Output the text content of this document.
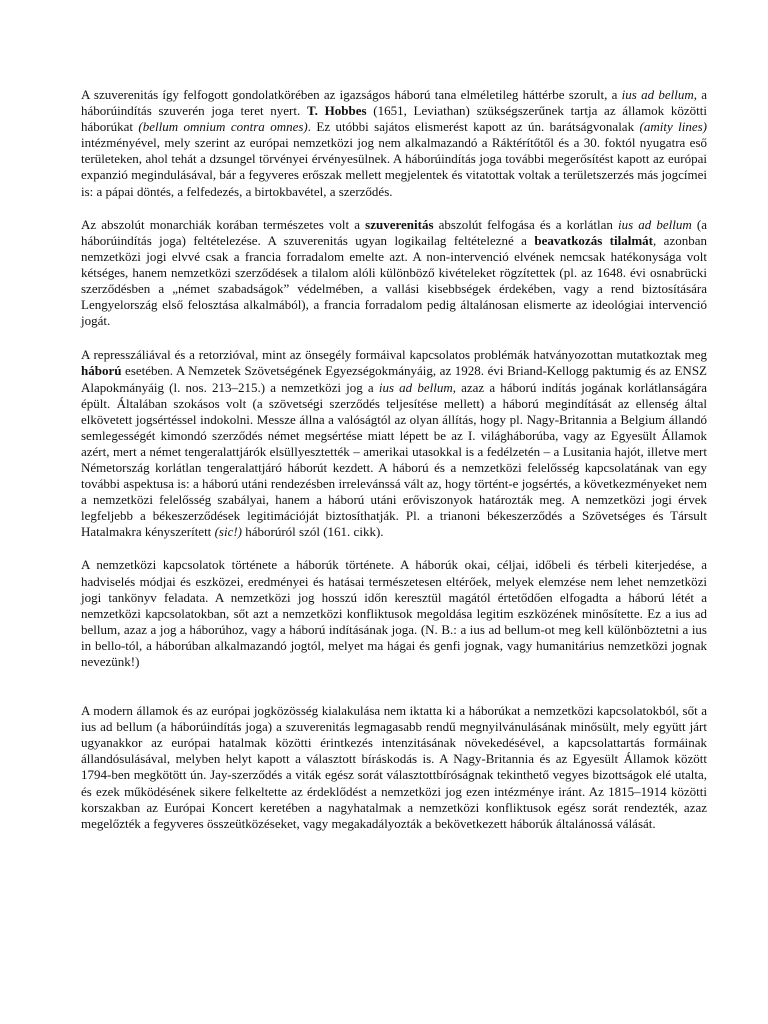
A szuverenitás így felfogott gondolatkörében az igazságos háború tana elméletileg háttérbe szorult, a ius ad bellum, a háborúindítás szuverén joga teret nyert. T. Hobbes (1651, Leviathan) szükségszerűnek tartja az államok közötti háborúkat (bellum omnium contra omnes). Ez utóbbi sajátos elismerést kapott az ún. barátságvonalak (amity lines) intézményével, mely szerint az európai nemzetközi jog nem alkalmazandó a Ráktérítőtől és a 30. foktól nyugatra eső területeken, ahol tehát a dzsungel törvényei érvényesülnek. A háborúindítás joga további megerősítést kapott az európai expanzió megindulásával, bár a fegyveres erőszak mellett megjelentek és vitatottak voltak a területszerzés más jogcímei is: a pápai döntés, a felfedezés, a birtokbavétel, a szerződés.

Az abszolút monarchiák korában természetes volt a szuverenitás abszolút felfogása és a korlátlan ius ad bellum (a háborúindítás joga) feltételezése. A szuverenitás ugyan logikailag feltételezné a beavatkozás tilalmát, azonban nemzetközi jogi elvvé csak a francia forradalom emelte azt. A non-intervenció elvének nemcsak hatékonysága volt kétséges, hanem nemzetközi szerződések a tilalom alóli különböző kivételeket rögzítettek (pl. az 1648. évi osnabrücki szerződésben a „német szabadságok” védelmében, a vallási kisebbségek érdekében, vagy a rend biztosítására Lengyelország első felosztása alkalmából), a francia forradalom pedig általánosan elismerte az ideológiai intervenció jogát.

A represszáliával és a retorzióval, mint az önsegély formáival kapcsolatos problémák hatványozottan mutatkoztak meg háború esetében. A Nemzetek Szövetségének Egyezségokmányáig, az 1928. évi Briand-Kellogg paktumig és az ENSZ Alapokmányáig (l. nos. 213–215.) a nemzetközi jog a ius ad bellum, azaz a háború indítás jogának korlátlanságára épült. Általában szokásos volt (a szövetségi szerződés teljesítése mellett) a háború megindítását az ellenség által elkövetett jogsértéssel indokolni. Messze állna a valóságtól az olyan állítás, hogy pl. Nagy-Britannia a Belgium állandó semlegességét kimondó szerződés német megsértése miatt lépett be az I. világháborúba, vagy az Egyesült Államok azért, mert a német tengeralattjárók elsüllyesztették – amerikai utasokkal is a fedélzetén – a Lusitania hajót, illetve mert Németország korlátlan tengeralattjáró háborút kezdett. A háború és a nemzetközi felelősség kapcsolatának van egy további aspektusa is: a háború utáni rendezésben irrelevánssá vált az, hogy történt-e jogsértés, a következményeket nem a nemzetközi felelősség szabályai, hanem a háború utáni erőviszonyok határozták meg. A nemzetközi jogi érvek legfeljebb a békeszerződések legitimációját biztosíthatják. Pl. a trianoni békeszerződés a Szövetséges és Társult Hatalmakra kényszerített (sic!) háborúról szól (161. cikk).

A nemzetközi kapcsolatok története a háborúk története. A háborúk okai, céljai, időbeli és térbeli kiterjedése, a hadviselés módjai és eszközei, eredményei és hatásai természetesen eltérőek, melyek elemzése nem lehet nemzetközi jogi tankönyv feladata. A nemzetközi jog hosszú időn keresztül magától értetődően elfogadta a háború létét a nemzetközi kapcsolatokban, sőt azt a nemzetközi konfliktusok megoldása legitim eszközének minősítette. Ez a ius ad bellum, azaz a jog a háborúhoz, vagy a háború indításának joga. (N. B.: a ius ad bellum-ot meg kell különböztetni a ius in bello-tól, a háborúban alkalmazandó jogtól, melyet ma hágai és genfi jognak, vagy humanitárius nemzetközi jognak nevezünk!)

A modern államok és az európai jogközösség kialakulása nem iktatta ki a háborúkat a nemzetközi kapcsolatokból, sőt a ius ad bellum (a háborúindítás joga) a szuverenitás legmagasabb rendű megnyilvánulásának minősült, mely együtt járt ugyanakkor az európai hatalmak közötti érintkezés intenzitásának növekedésével, a kapcsolattartás formáinak állandósulásával, melyben helyt kapott a választott bíráskodás is. A Nagy-Britannia és az Egyesült Államok között 1794-ben megkötött ún. Jay-szerződés a viták egész sorát választottbíróságnak tekinthető vegyes bizottságok elé utalta, és ezek működésének sikere felkeltette az érdeklődést a nemzetközi jog ezen intézménye iránt. Az 1815–1914 közötti korszakban az Európai Koncert keretében a nagyhatalmak a nemzetközi konfliktusok egész sorát rendezték, azaz megelőzték a fegyveres összeütközéseket, vagy megakadályozták a bekövetkezett háborúk általánossá válását.
